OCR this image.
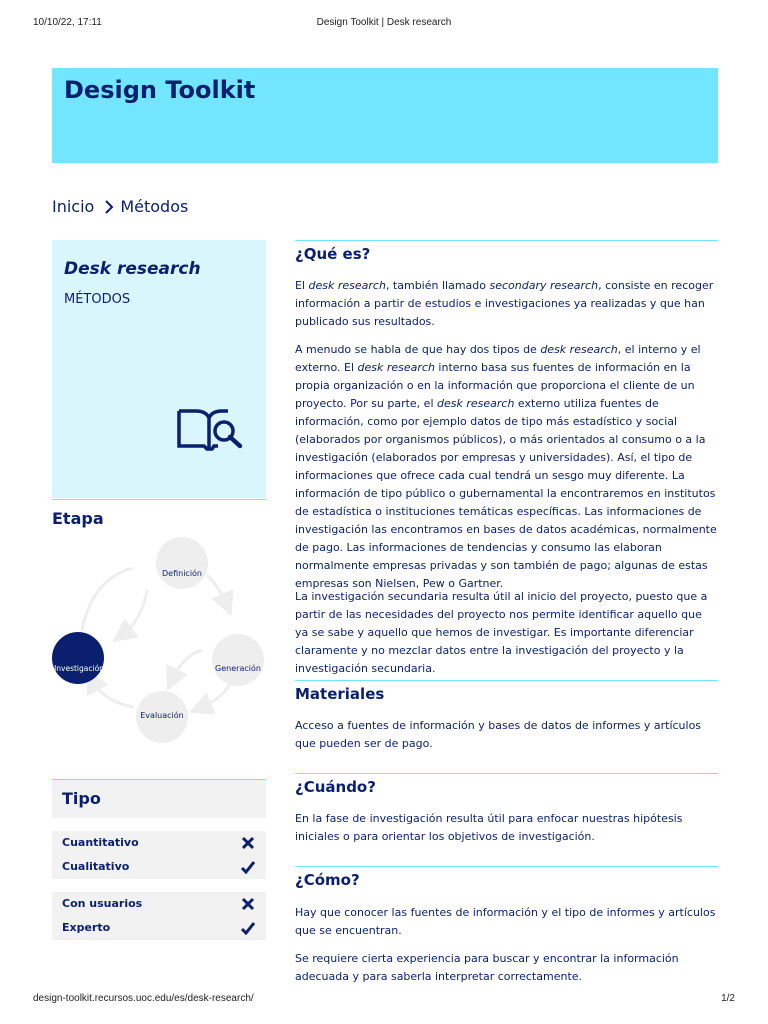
10/10/22, 17:11	Design Toolkit | Desk research
Design Toolkit
Inicio Métodos
Desk research
MÉTODOS
Etapa
Definición
Generación
Evaluación
Investigación
Tipo
Cuantitativo
Cualitativo
Con usuarios
Experto
¿Qué es?

El desk research, también llamado secondary research, consiste en recoger información a partir de estudios e investigaciones ya realizadas y que han publicado sus resultados.

A menudo se habla de que hay dos tipos de desk research, el interno y el externo. El desk research interno basa sus fuentes de información en la propia organización o en la información que proporciona el cliente de un proyecto. Por su parte, el desk research externo utiliza fuentes de información, como por ejemplo datos de tipo más estadístico y social (elaborados por organismos públicos), o más orientados al consumo o a la investigación (elaborados por empresas y universidades). Así, el tipo de informaciones que ofrece cada cual tendrá un sesgo muy diferente. La información de tipo público o gubernamental la encontraremos en institutos de estadística o instituciones temáticas específicas. Las informaciones de investigación las encontramos en bases de datos académicas, normalmente de pago. Las informaciones de tendencias y consumo las elaboran normalmente empresas privadas y son también de pago; algunas de estas empresas son Nielsen, Pew o Gartner.

La investigación secundaria resulta útil al inicio del proyecto, puesto que a partir de las necesidades del proyecto nos permite identificar aquello que ya se sabe y aquello que hemos de investigar. Es importante diferenciar claramente y no mezclar datos entre la investigación del proyecto y la investigación secundaria.

Materiales

Acceso a fuentes de información y bases de datos de informes y artículos que pueden ser de pago.

¿Cuándo?

En la fase de investigación resulta útil para enfocar nuestras hipótesis iniciales o para orientar los objetivos de investigación.

¿Cómo?

Hay que conocer las fuentes de información y el tipo de informes y artículos que se encuentran.

Se requiere cierta experiencia para buscar y encontrar la información adecuada y para saberla interpretar correctamente.

design-toolkit.recursos.uoc.edu/es/desk-research/	1/2
